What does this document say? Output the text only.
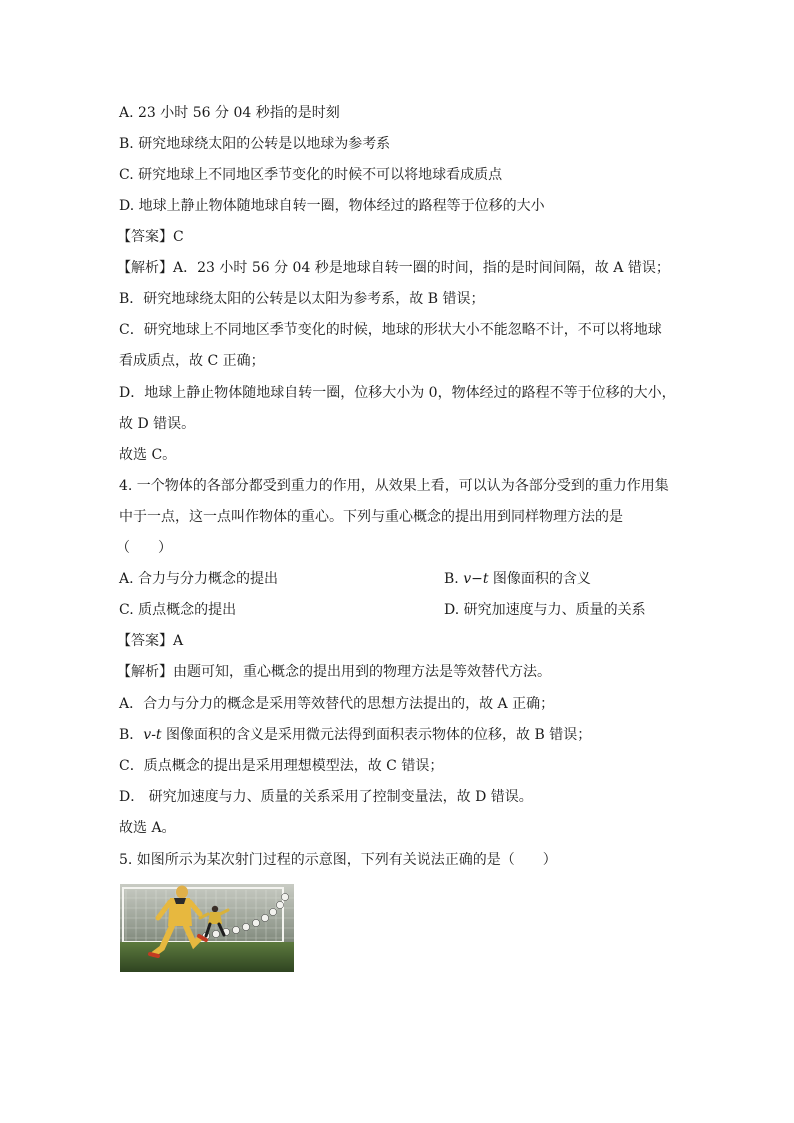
A. 23 小时 56 分 04 秒指的是时刻
B. 研究地球绕太阳的公转是以地球为参考系
C. 研究地球上不同地区季节变化的时候不可以将地球看成质点
D. 地球上静止物体随地球自转一圈，物体经过的路程等于位移的大小
【 答案 】 C
【 解析 】 A．23 小时 56 分 04 秒是地球自转一圈的时间，指的是时间间隔，故 A 错误；
B．研究地球绕太阳的公转是以太阳为参考系，故 B 错误；
C．研究地球上不同地区季节变化的时候，地球的形状大小不能忽略不计，不可以将地球
看成质点，故 C 正确；
D．地球上静止物体随地球自转一圈，位移大小为 0，物体经过的路程不等于位移的大小，
故 D 错误。
故选 C。
4. 一个物体的各部分都受到重力的作用，从效果上看，可以认为各部分受到的重力作用集
中于一点，这一点叫作物体的重心。下列与重心概念的提出用到同样物理方法的是
（　　）
A. 合力与分力概念的提出	B. v−t 图像面积的含义
C. 质点概念的提出	D. 研究加速度与力、质量的关系
【 答案 】 A
【 解析 】 由题可知，重心概念的提出用到的物理方法是等效替代方法。
A．合力与分力的概念是采用等效替代的思想方法提出的，故 A 正确；
B．v-t 图像面积的含义是采用微元法得到面积表示物体的位移，故 B 错误；
C．质点概念的提出是采用理想模型法，故 C 错误；
D． 研究加速度与力、质量的关系采用了控制变量法，故 D 错误。
故选 A。
5. 如图所示为某次射门过程的示意图，下列有关说法正确的是（　　）
